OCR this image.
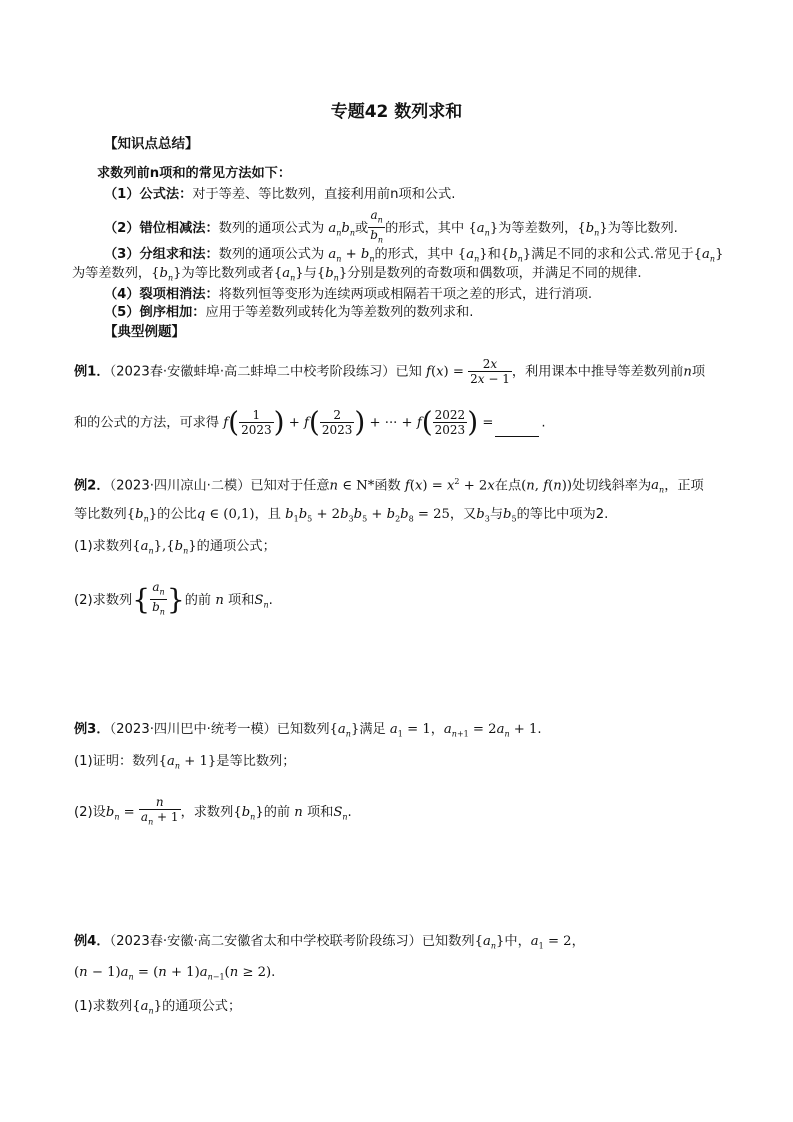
专题42 数列求和
【知识点总结】
求数列前n项和的常见方法如下：
（1）公式法：对于等差、等比数列，直接利用前n项和公式.
（2）错位相减法：数列的通项公式为 $a_nb_n$或 $\frac{a_n}{b_n}$ 的形式，其中 $\{a_n\}$为等差数列，$\{b_n\}$为等比数列.
（3）分组求和法：数列的通项公式为 $a_n + b_n$的形式，其中 $\{a_n\}$和$\{b_n\}$满足不同的求和公式.常见于$\{a_n\}$
为等差数列，$\{b_n\}$为等比数列或者$\{a_n\}$与$\{b_n\}$分别是数列的奇数项和偶数项，并满足不同的规律.
（4）裂项相消法：将数列恒等变形为连续两项或相隔若干项之差的形式，进行消项.
（5）倒序相加：应用于等差数列或转化为等差数列的数列求和.
【典型例题】
例1．（2023春·安徽蚌埠·高二蚌埠二中校考阶段练习）已知 $f(x) = \frac{2x}{2x - 1}$ ，利用课本中推导等差数列前n项
和的公式的方法，可求得 $f( \frac{1}{2023}$ ) + $f( \frac{2}{2023}$ ) + ··· + $f( \frac{2022}{2023}$ ) =	.
例2．（2023·四川凉山·二模）已知对于任意n ∈ N*函数 $f(x) = x^2 + 2x$在点(n, f(n))处切线斜率为$a_n$，正项
等比数列$\{b_n\}$的公比q ∈ (0,1)，且 $b_1b_5 + 2b_3b_5 + b_2b_8 = 25$，又$b_3$与$b_5$的等比中项为2.
(1)求数列$\{a_n\},\{b_n\}$的通项公式；
(2)求数列{ $\frac{a_n}{b_n}$ }的前 n 项和$S_n$.
例3．（2023·四川巴中·统考一模）已知数列$\{a_n\}$满足 $a_1 = 1$，$a_{n+1} = 2a_n + 1$.
(1)证明：数列$\{a_n + 1\}$是等比数列；
(2)设$b_n = \frac{n}{a_n + 1}$ ，求数列$\{b_n\}$的前 n 项和$S_n$.
例4．（2023春·安徽·高二安徽省太和中学校联考阶段练习）已知数列$\{a_n\}$中，$a_1 = 2$，
$(n - 1)a_n = (n + 1)a_{n-1}(n \ge 2)$.
(1)求数列$\{a_n\}$的通项公式；
